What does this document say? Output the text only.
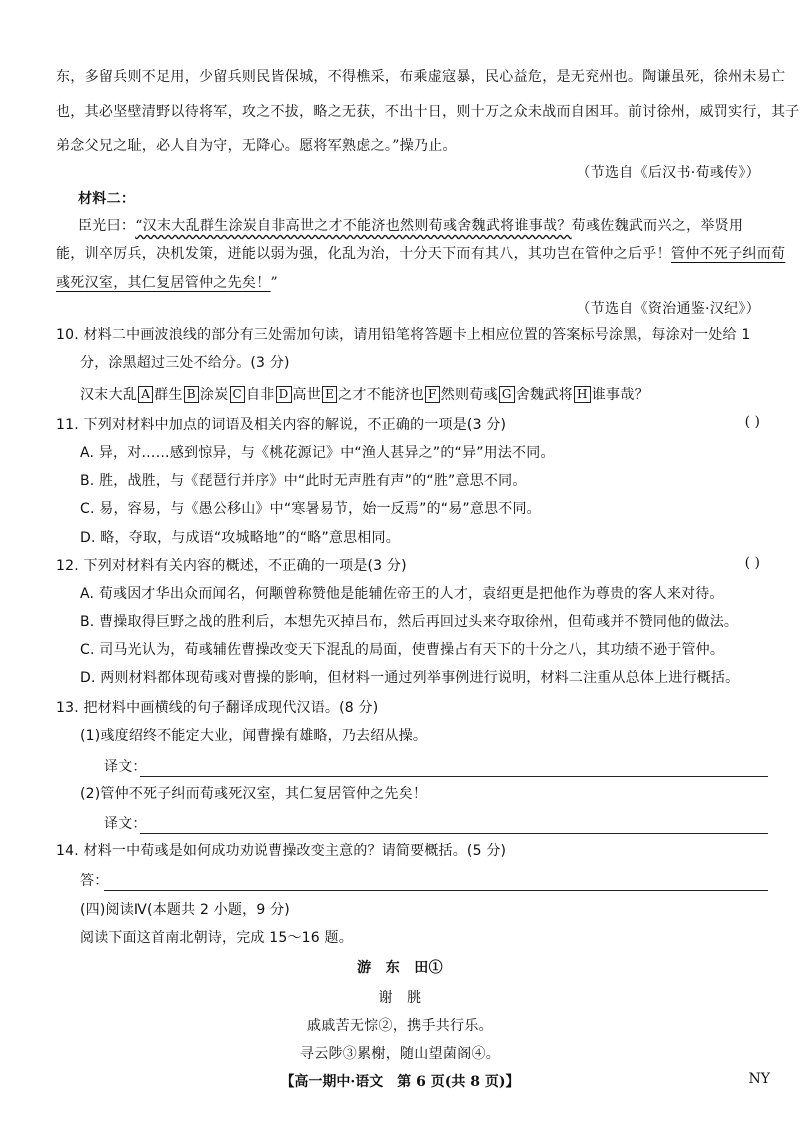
东，多留兵则不足用，少留兵则民皆保城，不得樵采，布乘虚寇暴，民心益危，是无兖州也。陶谦虽死，徐州未易亡
也，其必坚壁清野以待将军，攻之不拔，略之无获，不出十日，则十万之众未战而自困耳。前讨徐州，威罚实行，其子
弟念父兄之耻，必人自为守，无降心。愿将军熟虑之。”操乃止。
（节选自《后汉书·荀彧传》）
材料二：
臣光曰：“汉末大乱群生涂炭自非高世之才不能济也然则荀彧舍魏武将谁事哉？荀彧佐魏武而兴之，举贤用
能，训卒厉兵，决机发策，迸能以弱为强，化乱为治，十分天下而有其八，其功岂在管仲之后乎！管仲不死子纠而荀
彧死汉室，其仁复居管仲之先矣！”
（节选自《资治通鉴·汉纪》）
10. 材料二中画波浪线的部分有三处需加句读，请用铅笔将答题卡上相应位置的答案标号涂黑，每涂对一处给 1
分，涂黑超过三处不给分。(3 分)
汉末大乱 A 群生 B 涂炭 C 自非 D 高世 E 之才不能济也 F 然则荀彧 G 舍魏武将 H 谁事哉？
11. 下列对材料中加点的词语及相关内容的解说，不正确的一项是(3 分)	( )
A. 异，对……感到惊异，与《桃花源记》中“渔人甚异之”的“异”用法不同。
B. 胜，战胜，与《琵琶行并序》中“此时无声胜有声”的“胜”意思不同。
C. 易，容易，与《愚公移山》中“寒暑易节，始一反焉”的“易”意思不同。
D. 略，夺取，与成语“攻城略地”的“略”意思相同。
12. 下列对材料有关内容的概述，不正确的一项是(3 分)	( )
A. 荀彧因才华出众而闻名，何颙曾称赞他是能辅佐帝王的人才，袁绍更是把他作为尊贵的客人来对待。
B. 曹操取得巨野之战的胜利后，本想先灭掉吕布，然后再回过头来夺取徐州，但荀彧并不赞同他的做法。
C. 司马光认为，荀彧辅佐曹操改变天下混乱的局面，使曹操占有天下的十分之八，其功绩不逊于管仲。
D. 两则材料都体现荀彧对曹操的影响，但材料一通过列举事例进行说明，材料二注重从总体上进行概括。
13. 把材料中画横线的句子翻译成现代汉语。(8 分)
(1)彧度绍终不能定大业，闻曹操有雄略，乃去绍从操。
译文：
(2)管仲不死子纠而荀彧死汉室，其仁复居管仲之先矣！
译文：
14. 材料一中荀彧是如何成功劝说曹操改变主意的？请简要概括。(5 分)
答：
(四)阅读Ⅳ(本题共 2 小题，9 分)
阅读下面这首南北朝诗，完成 15～16 题。
游　东　田①
谢　朓
戚戚苦无悰②，携手共行乐。
寻云陟③累榭，随山望菌阁④。
【高一期中·语文　第 6 页(共 8 页)】	NY
